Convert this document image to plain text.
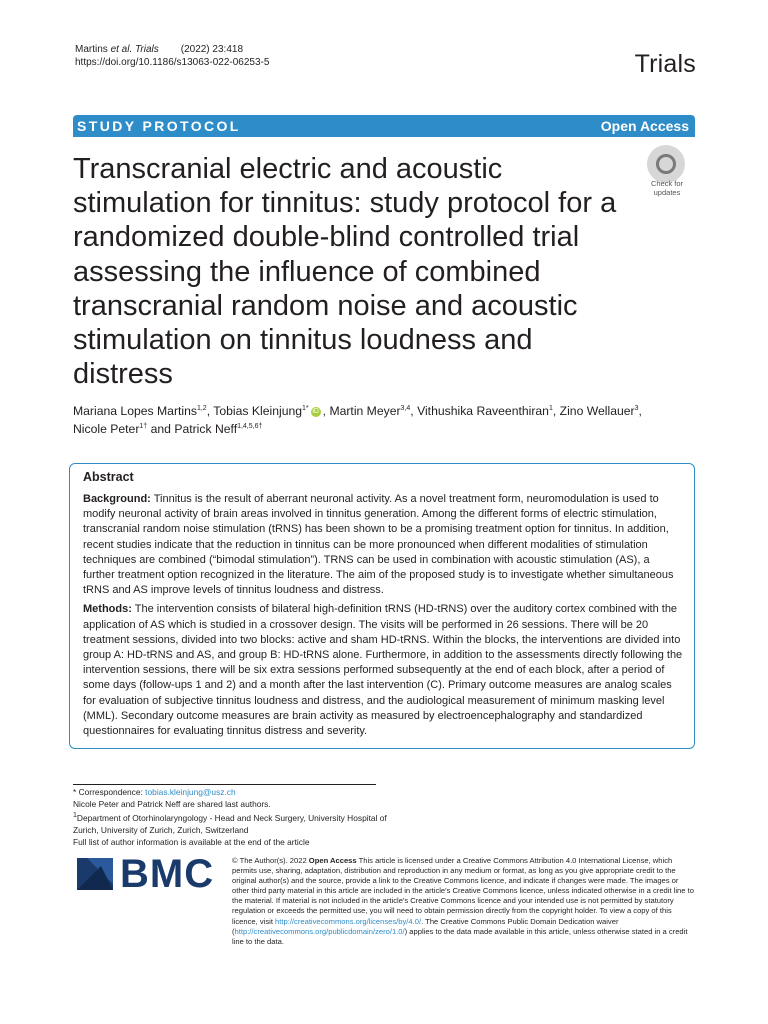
Martins et al. Trials (2022) 23:418
https://doi.org/10.1186/s13063-022-06253-5	Trials
STUDY PROTOCOL	Open Access
Transcranial electric and acoustic stimulation for tinnitus: study protocol for a randomized double-blind controlled trial assessing the influence of combined transcranial random noise and acoustic stimulation on tinnitus loudness and distress
Check for
updates
Mariana Lopes Martins$^{1,2}$, Tobias Kleinjung$^{1*}$ iD , Martin Meyer$^{3,4}$, Vithushika Raveenthiran$^1$, Zino Wellauer$^3$,
Nicole Peter$^{1\dagger}$ and Patrick Neff$^{1,4,5,6\dagger}$
Abstract

Background: Tinnitus is the result of aberrant neuronal activity. As a novel treatment form, neuromodulation is used to modify neuronal activity of brain areas involved in tinnitus generation. Among the different forms of electric stimulation, transcranial random noise stimulation (tRNS) has been shown to be a promising treatment option for tinnitus. In addition, recent studies indicate that the reduction in tinnitus can be more pronounced when different modalities of stimulation techniques are combined (“bimodal stimulation”). TRNS can be used in combination with acoustic stimulation (AS), a further treatment option recognized in the literature. The aim of the proposed study is to investigate whether simultaneous tRNS and AS improve levels of tinnitus loudness and distress.

Methods: The intervention consists of bilateral high-definition tRNS (HD-tRNS) over the auditory cortex combined with the application of AS which is studied in a crossover design. The visits will be performed in 26 sessions. There will be 20 treatment sessions, divided into two blocks: active and sham HD-tRNS. Within the blocks, the interventions are divided into group A: HD-tRNS and AS, and group B: HD-tRNS alone. Furthermore, in addition to the assessments directly following the intervention sessions, there will be six extra sessions performed subsequently at the end of each block, after a period of some days (follow-ups 1 and 2) and a month after the last intervention (C). Primary outcome measures are analog scales for evaluation of subjective tinnitus loudness and distress, and the audiological measurement of minimum masking level (MML). Secondary outcome measures are brain activity as measured by electroencephalography and standardized questionnaires for evaluating tinnitus distress and severity.

* Correspondence: tobias.kleinjung@usz.ch
Nicole Peter and Patrick Neff are shared last authors.
$^1$Department of Otorhinolaryngology - Head and Neck Surgery, University Hospital of Zurich, University of Zurich, Zurich, Switzerland
Full list of author information is available at the end of the article
BMC © The Author(s). 2022 Open Access This article is licensed under a Creative Commons Attribution 4.0 International License, which permits use, sharing, adaptation, distribution and reproduction in any medium or format, as long as you give appropriate credit to the original author(s) and the source, provide a link to the Creative Commons licence, and indicate if changes were made. The images or other third party material in this article are included in the article's Creative Commons licence, unless indicated otherwise in a credit line to the material. If material is not included in the article's Creative Commons licence and your intended use is not permitted by statutory regulation or exceeds the permitted use, you will need to obtain permission directly from the copyright holder. To view a copy of this licence, visit http://creativecommons.org/licenses/by/4.0/. The Creative Commons Public Domain Dedication waiver (http://creativecommons.org/publicdomain/zero/1.0/) applies to the data made available in this article, unless otherwise stated in a credit line to the data.
